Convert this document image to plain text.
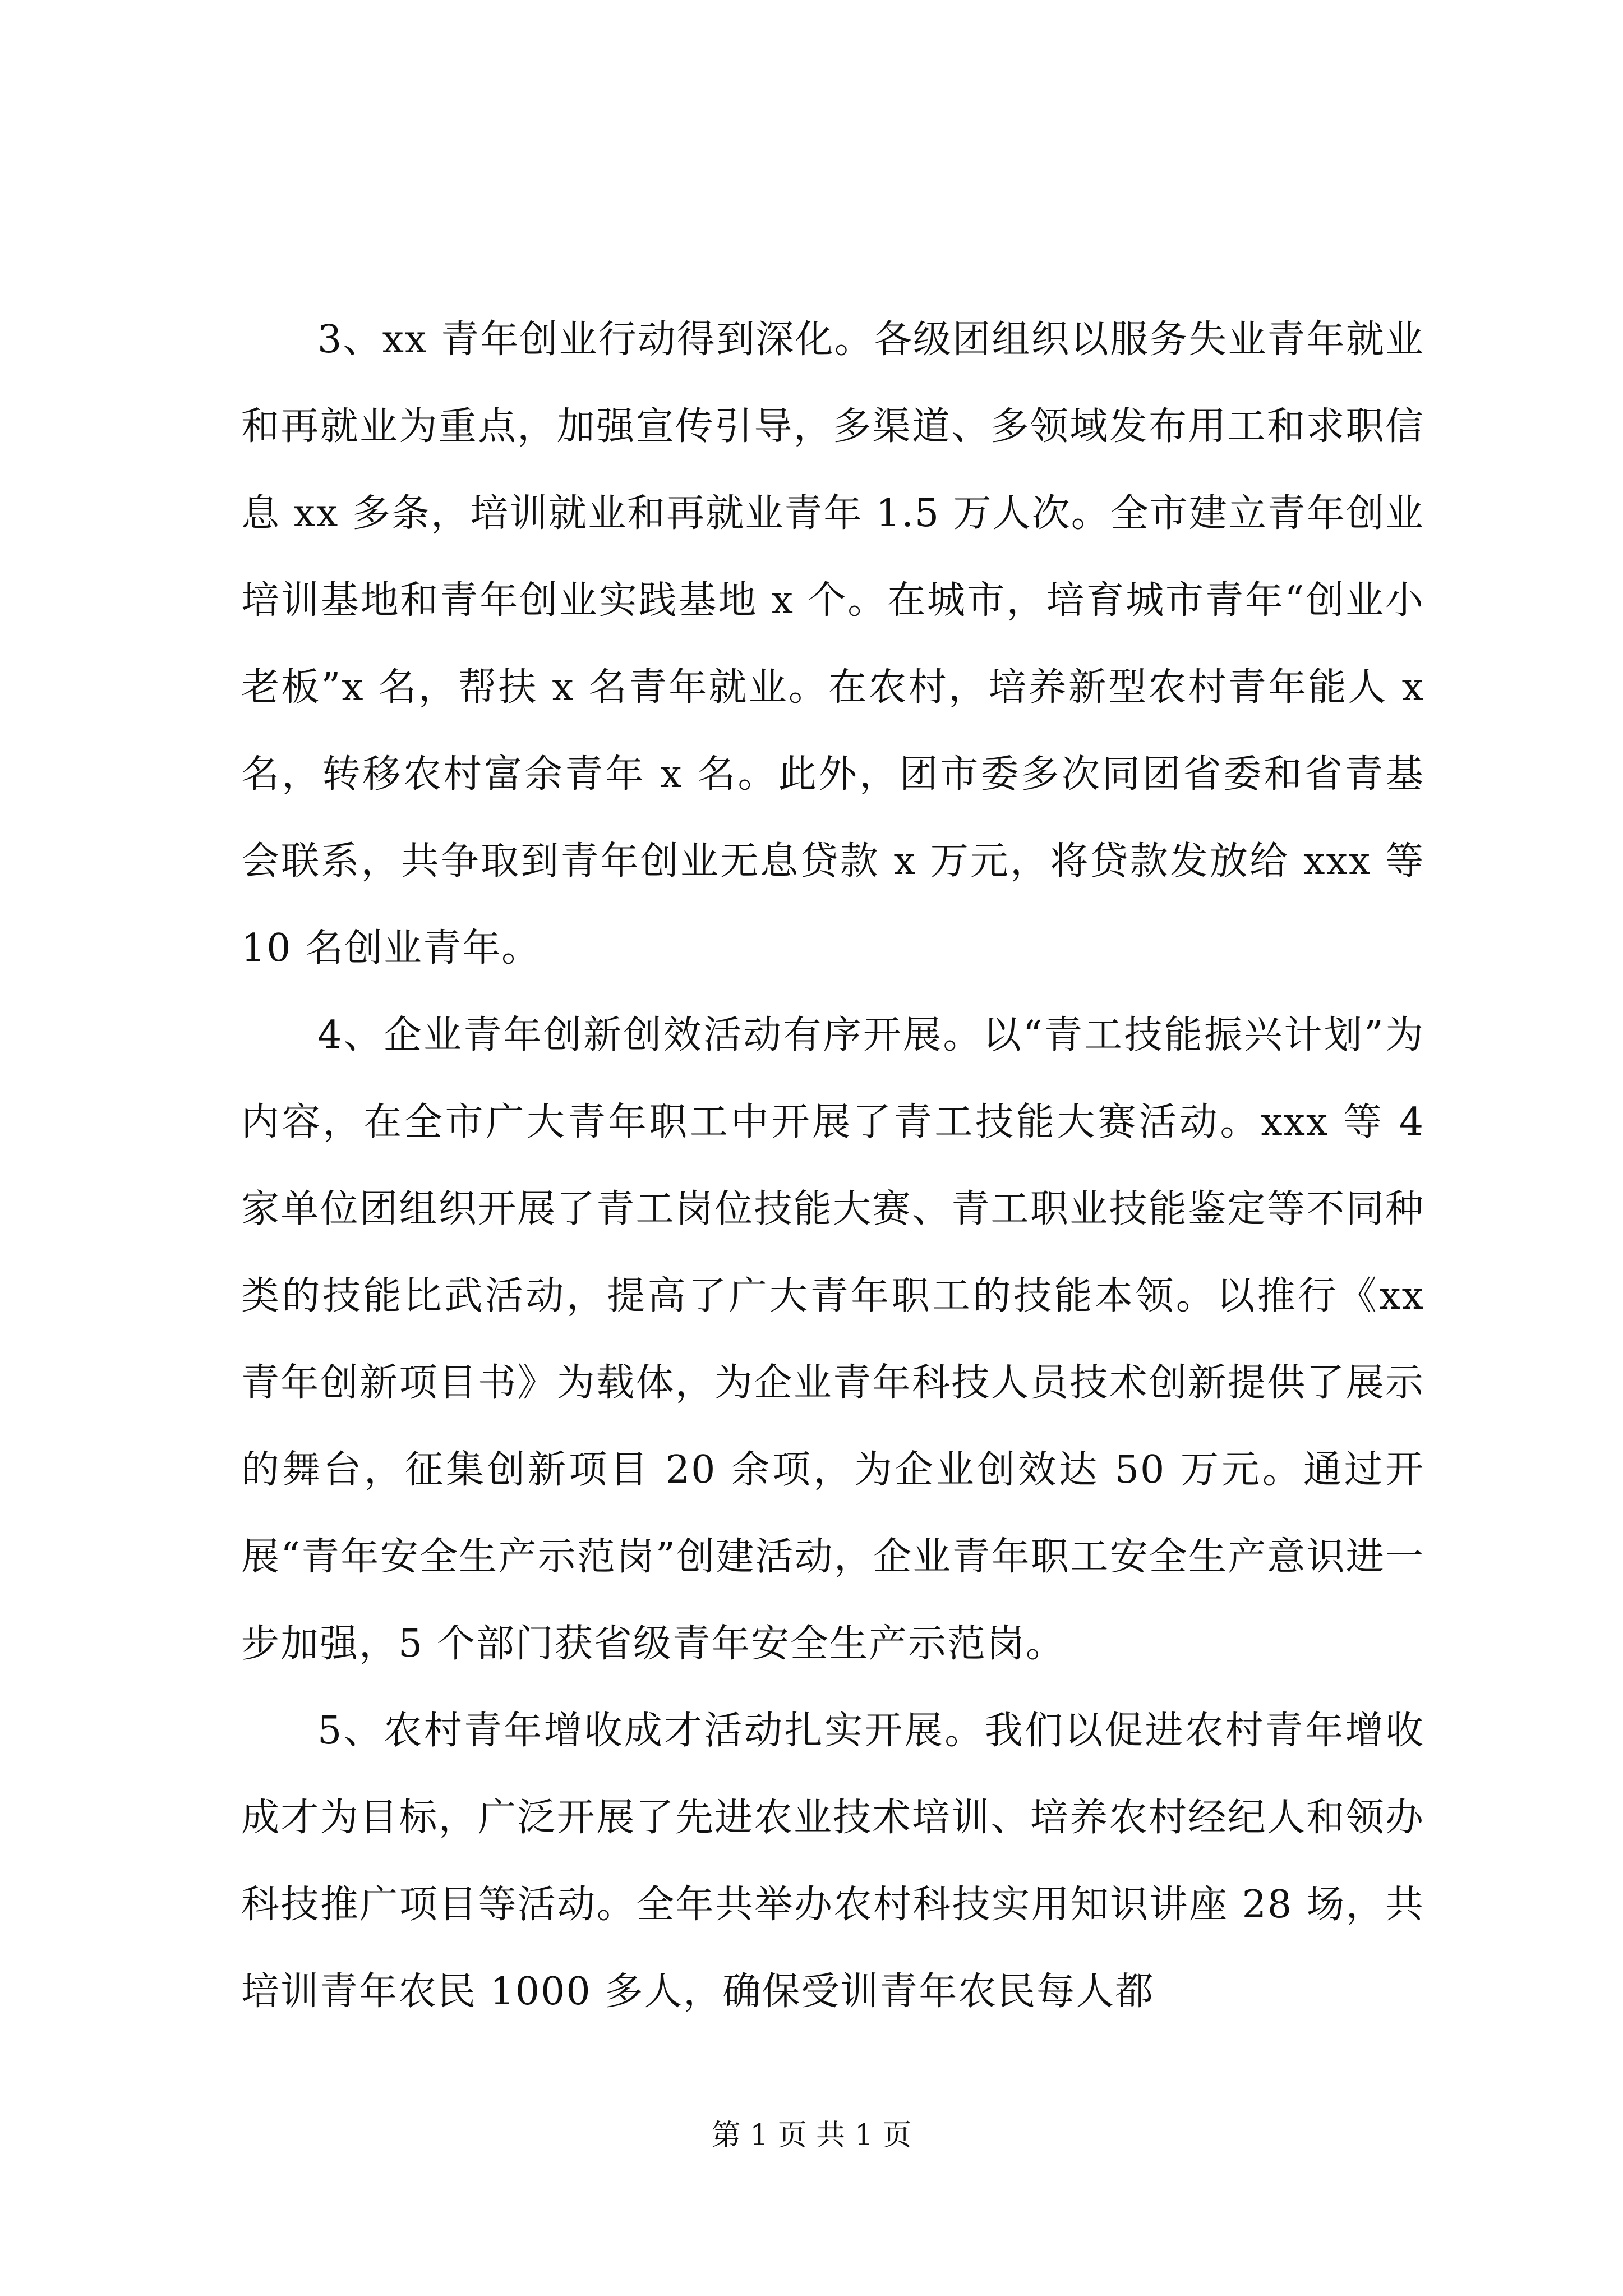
3、xx 青年创业行动得到深化。各级团组织以服务失业青年就业和再就业为重点，加强宣传引导，多渠道、多领域发布用工和求职信息 xx 多条，培训就业和再就业青年 1.5 万人次。全市建立青年创业培训基地和青年创业实践基地 x 个。在城市，培育城市青年“创业小老板”x 名，帮扶 x 名青年就业。在农村，培养新型农村青年能人 x 名，转移农村富余青年 x 名。此外，团市委多次同团省委和省青基会联系，共争取到青年创业无息贷款 x 万元，将贷款发放给 xxx 等 10 名创业青年。

4、企业青年创新创效活动有序开展。以“青工技能振兴计划”为内容，在全市广大青年职工中开展了青工技能大赛活动。xxx 等 4 家单位团组织开展了青工岗位技能大赛、青工职业技能鉴定等不同种类的技能比武活动，提高了广大青年职工的技能本领。以推行《xx 青年创新项目书》为载体，为企业青年科技人员技术创新提供了展示的舞台，征集创新项目 20 余项，为企业创效达 50 万元。通过开展“青年安全生产示范岗”创建活动，企业青年职工安全生产意识进一步加强，5 个部门获省级青年安全生产示范岗。

5、农村青年增收成才活动扎实开展。我们以促进农村青年增收成才为目标，广泛开展了先进农业技术培训、培养农村经纪人和领办科技推广项目等活动。全年共举办农村科技实用知识讲座 28 场，共培训青年农民 1000 多人，确保受训青年农民每人都

第 1 页 共 1 页
